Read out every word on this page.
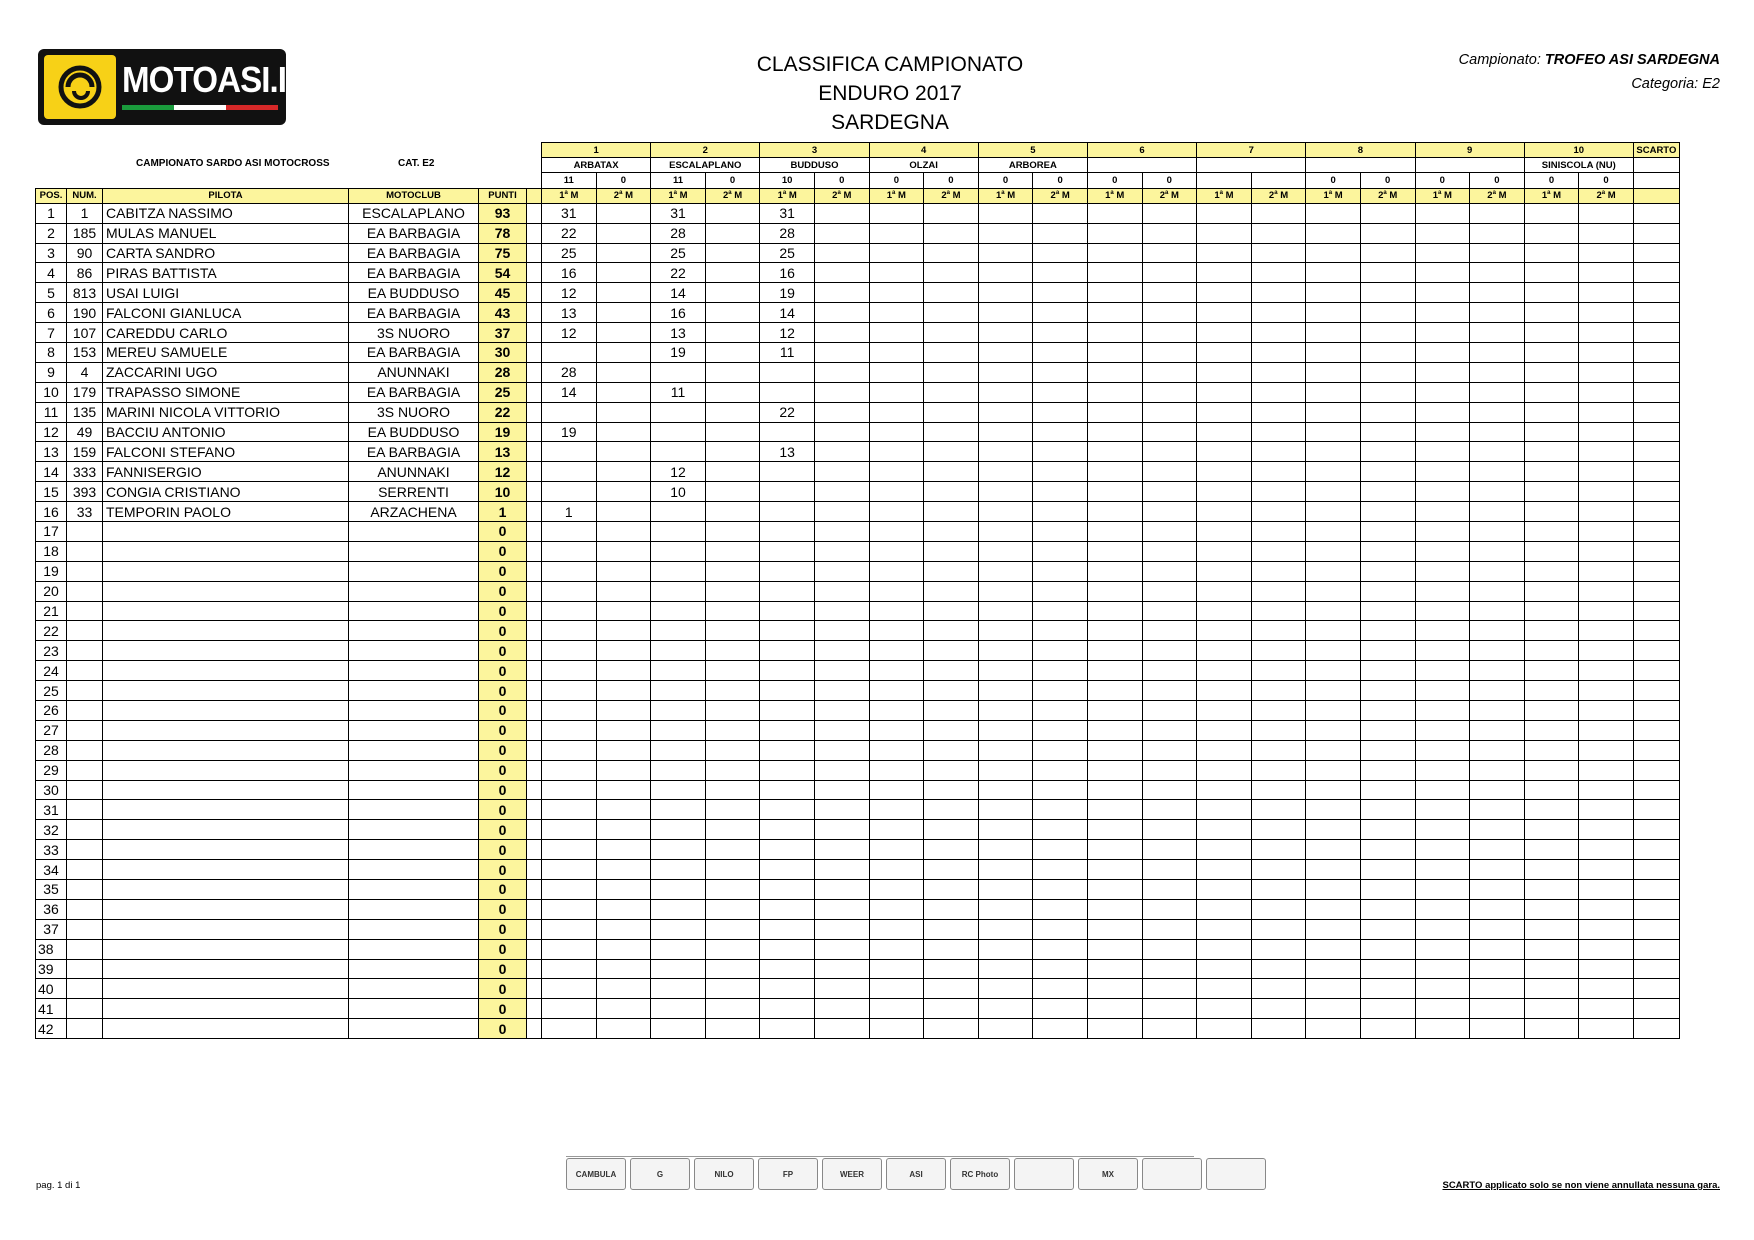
MOTOASI.IT	CLASSIFICA CAMPIONATO
ENDURO 2017
SARDEGNA
Campionato: TROFEO ASI SARDEGNA
Categoria: E2
CAMPIONATO SARDO ASI MOTOCROSS	CAT. E2
						1		2		3		4		5		6		7		8		9		10		SCARTO
						ARBATAX		ESCALAPLANO		BUDDUSO		OLZAI		ARBOREA										SINISCOLA (NU)		
						11	0	11	0	10	0	0	0	0	0	0	0			0	0	0	0	0	0	
POS.	NUM.	PILOTA	MOTOCLUB	PUNTI		1$^a$ M	2$^a$ M	1$^a$ M	2$^a$ M	1$^a$ M	2$^a$ M	1$^a$ M	2$^a$ M	1$^a$ M	2$^a$ M	1$^a$ M	2$^a$ M	1$^a$ M	2$^a$ M	1$^a$ M	2$^a$ M	1$^a$ M	2$^a$ M	1$^a$ M	2$^a$ M	
1	1	CABITZA NASSIMO	ESCALAPLANO	93		31		31		31																
2	185	MULAS MANUEL	EA BARBAGIA	78		22		28		28																
3	90	CARTA SANDRO	EA BARBAGIA	75		25		25		25																
4	86	PIRAS BATTISTA	EA BARBAGIA	54		16		22		16																
5	813	USAI LUIGI	EA BUDDUSO	45		12		14		19																
6	190	FALCONI GIANLUCA	EA BARBAGIA	43		13		16		14																
7	107	CAREDDU CARLO	3S NUORO	37		12		13		12																
8	153	MEREU SAMUELE	EA BARBAGIA	30				19		11																
9	4	ZACCARINI UGO	ANUNNAKI	28		28																				
10	179	TRAPASSO SIMONE	EA BARBAGIA	25		14		11																		
11	135	MARINI NICOLA VITTORIO	3S NUORO	22						22																
12	49	BACCIU ANTONIO	EA BUDDUSO	19		19																				
13	159	FALCONI STEFANO	EA BARBAGIA	13						13																
14	333	FANNISERGIO	ANUNNAKI	12				12																		
15	393	CONGIA CRISTIANO	SERRENTI	10				10																		
16	33	TEMPORIN PAOLO	ARZACHENA	1		1																				
17				0																						
18				0																						
19				0																						
20				0																						
21				0																						
22				0																						
23				0																						
24				0																						
25				0																						
26				0																						
27				0																						
28				0																						
29				0																						
30				0																						
31				0																						
32				0																						
33				0																						
34				0																						
35				0																						
36				0																						
37				0																						
38				0																						
39				0																						
40				0																						
41				0																						
42				0																						
CAMBULA	G	NILO	FP	WEER	ASI	RC Photo	MX
pag. 1 di 1	SCARTO applicato solo se non viene annullata nessuna gara.
